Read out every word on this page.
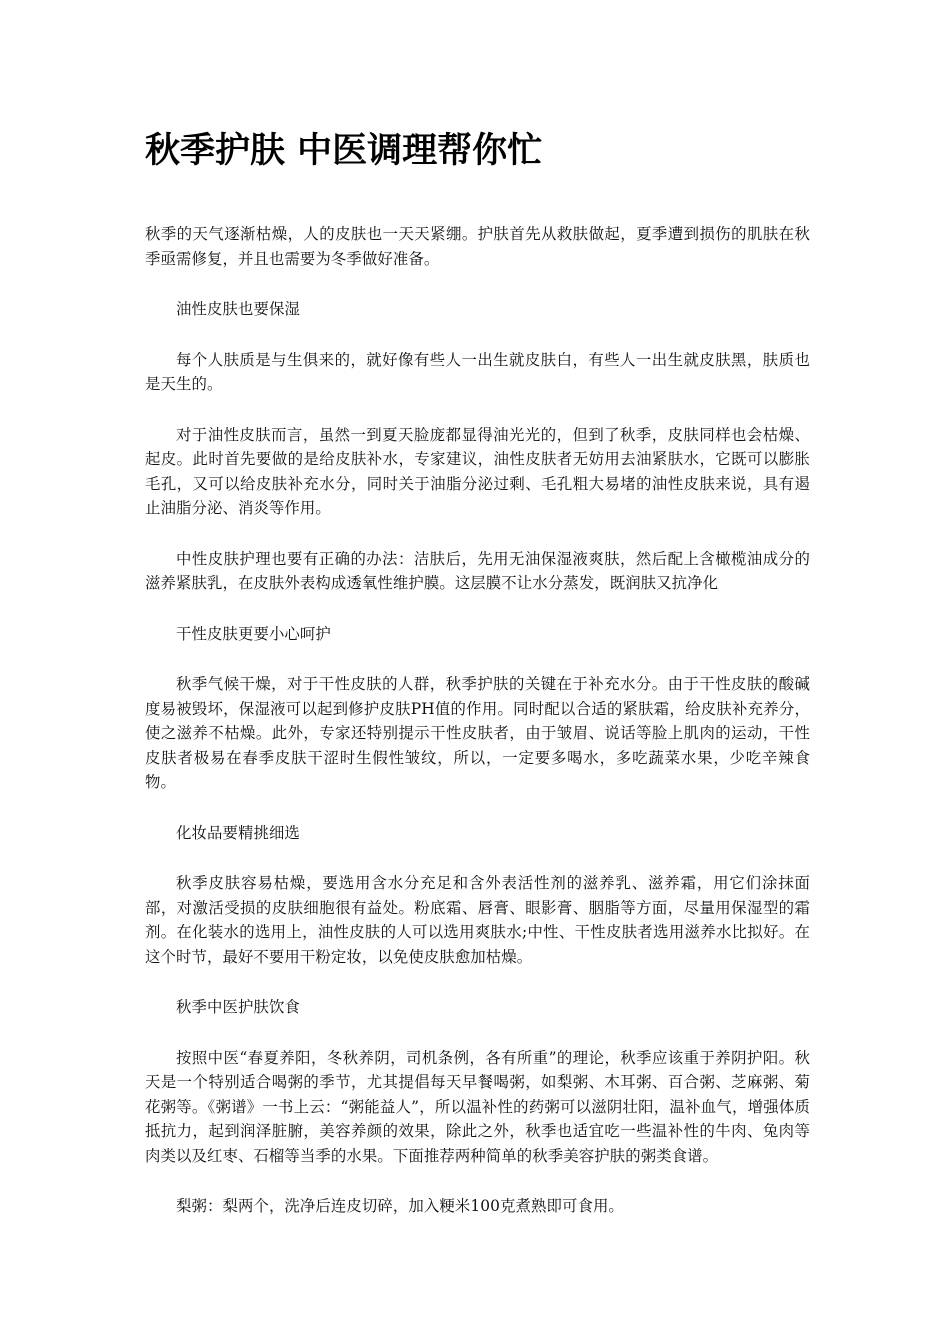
秋季护肤 中医调理帮你忙

秋季的天气逐渐枯燥，人的皮肤也一天天紧绷。护肤首先从救肤做起，夏季遭到损伤的肌肤在秋季亟需修复，并且也需要为冬季做好准备。

油性皮肤也要保湿

每个人肤质是与生俱来的，就好像有些人一出生就皮肤白，有些人一出生就皮肤黑，肤质也是天生的。

对于油性皮肤而言，虽然一到夏天脸庞都显得油光光的，但到了秋季，皮肤同样也会枯燥、起皮。此时首先要做的是给皮肤补水，专家建议，油性皮肤者无妨用去油紧肤水，它既可以膨胀毛孔，又可以给皮肤补充水分，同时关于油脂分泌过剩、毛孔粗大易堵的油性皮肤来说，具有遏止油脂分泌、消炎等作用。

中性皮肤护理也要有正确的办法：洁肤后，先用无油保湿液爽肤，然后配上含橄榄油成分的滋养紧肤乳，在皮肤外表构成透氧性维护膜。这层膜不让水分蒸发，既润肤又抗净化

干性皮肤更要小心呵护

秋季气候干燥，对于干性皮肤的人群，秋季护肤的关键在于补充水分。由于干性皮肤的酸碱度易被毁坏，保湿液可以起到修护皮肤PH值的作用。同时配以合适的紧肤霜，给皮肤补充养分，使之滋养不枯燥。此外，专家还特别提示干性皮肤者，由于皱眉、说话等脸上肌肉的运动，干性皮肤者极易在春季皮肤干涩时生假性皱纹，所以，一定要多喝水，多吃蔬菜水果，少吃辛辣食物。

化妆品要精挑细选

秋季皮肤容易枯燥，要选用含水分充足和含外表活性剂的滋养乳、滋养霜，用它们涂抹面部，对激活受损的皮肤细胞很有益处。粉底霜、唇膏、眼影膏、胭脂等方面，尽量用保湿型的霜剂。在化装水的选用上，油性皮肤的人可以选用爽肤水;中性、干性皮肤者选用滋养水比拟好。在这个时节，最好不要用干粉定妆，以免使皮肤愈加枯燥。

秋季中医护肤饮食

按照中医“春夏养阳，冬秋养阴，司机条例，各有所重”的理论，秋季应该重于养阴护阳。秋天是一个特别适合喝粥的季节，尤其提倡每天早餐喝粥，如梨粥、木耳粥、百合粥、芝麻粥、菊花粥等。《粥谱》一书上云：“粥能益人”，所以温补性的药粥可以滋阴壮阳，温补血气，增强体质抵抗力，起到润泽脏腑，美容养颜的效果，除此之外，秋季也适宜吃一些温补性的牛肉、兔肉等肉类以及红枣、石榴等当季的水果。下面推荐两种简单的秋季美容护肤的粥类食谱。

梨粥：梨两个，洗净后连皮切碎，加入粳米100克煮熟即可食用。
